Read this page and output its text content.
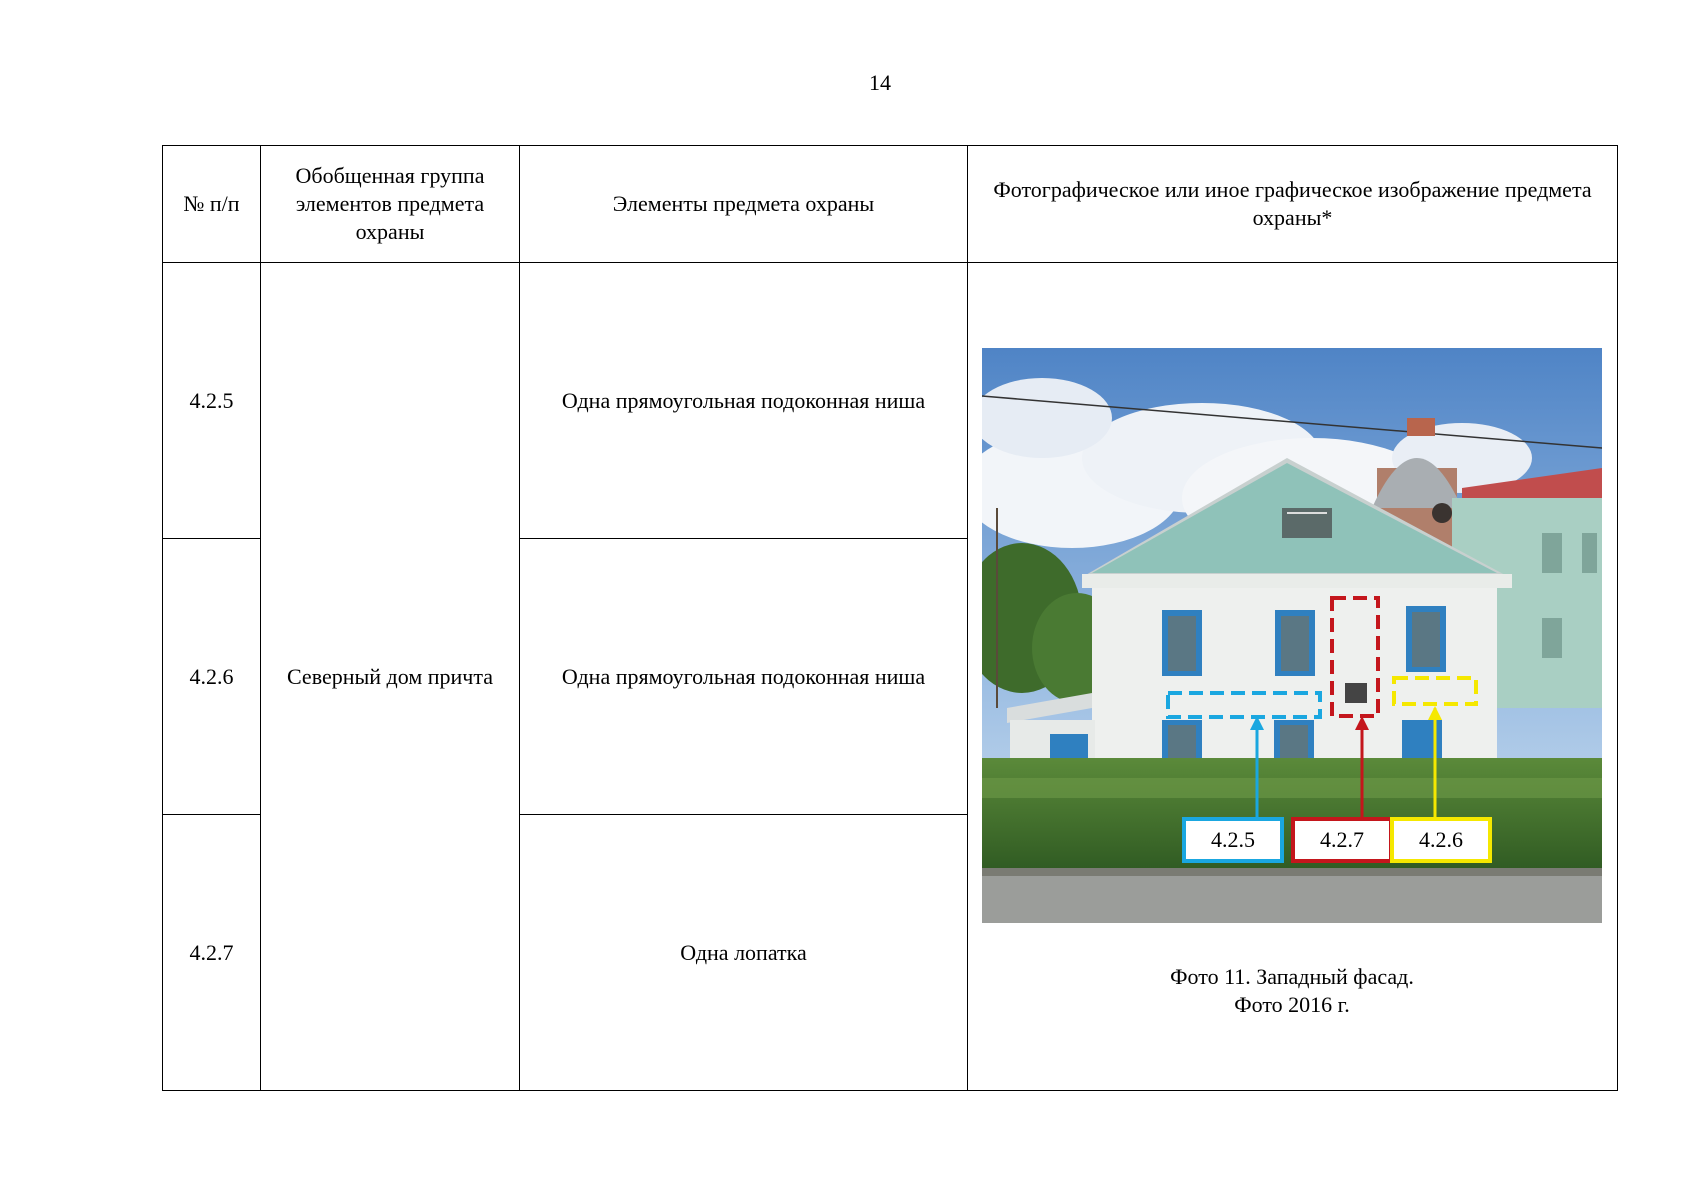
14
№ п/п	Обобщенная группа элементов предмета охраны	Элементы предмета охраны	Фотографическое или иное графическое изображение предмета охраны*
4.2.5	Северный дом причта	Одна прямоугольная подоконная ниша	4.2.5 4.2.7 4.2.6
Фото 11. Западный фасад.
Фото 2016 г.

4.2.6		Одна прямоугольная подоконная ниша	
4.2.7		Одна лопатка	
